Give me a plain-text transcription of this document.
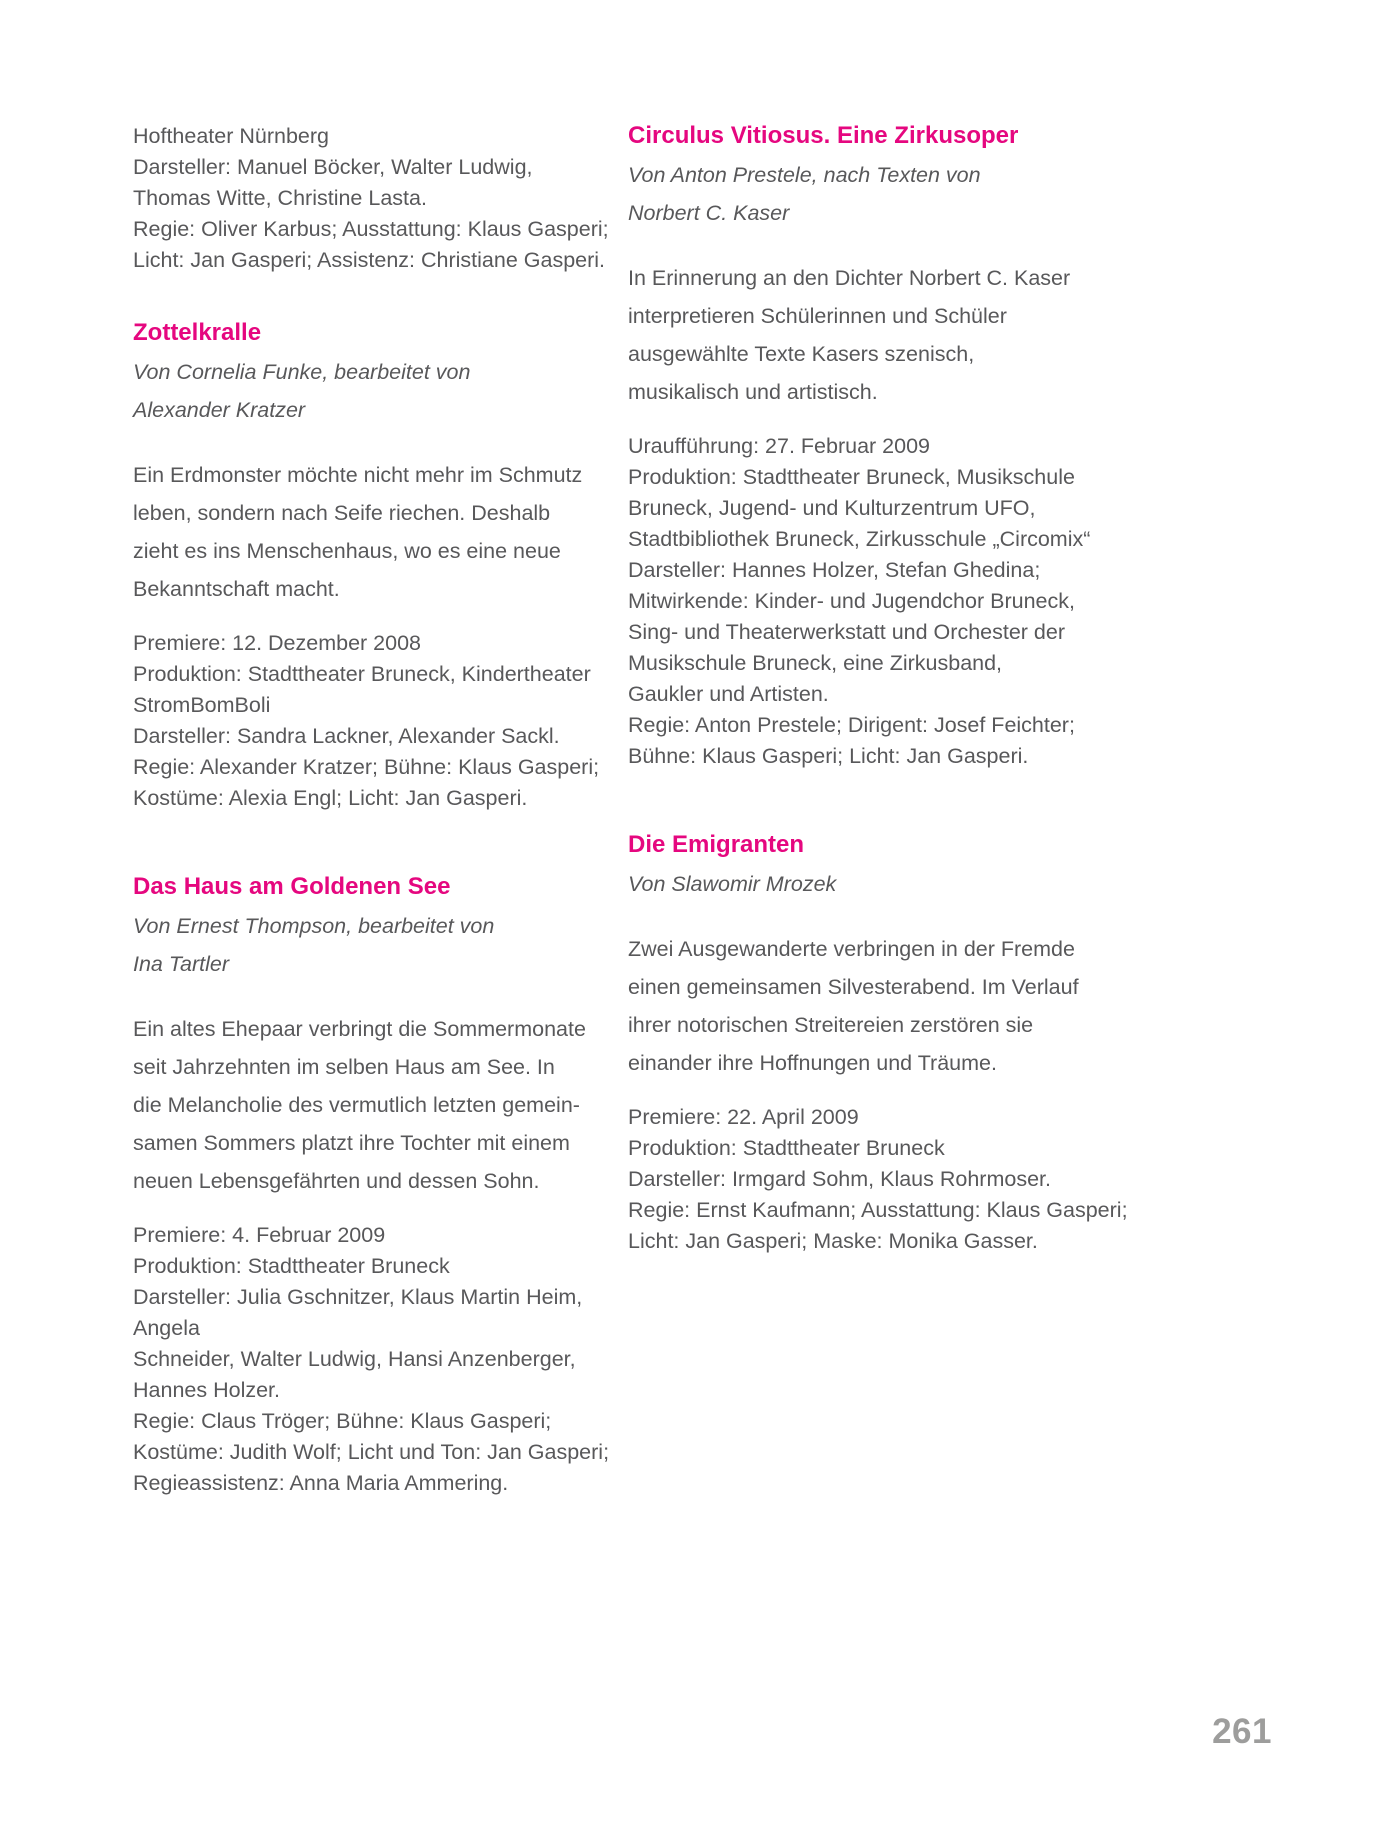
Hoftheater Nürnberg
Darsteller: Manuel Böcker, Walter Ludwig,
Thomas Witte, Christine Lasta.
Regie: Oliver Karbus; Ausstattung: Klaus Gasperi;
Licht: Jan Gasperi; Assistenz: Christiane Gasperi.
Zottelkralle
Von Cornelia Funke, bearbeitet von
Alexander Kratzer
Ein Erdmonster möchte nicht mehr im Schmutz
leben, sondern nach Seife riechen. Deshalb
zieht es ins Menschenhaus, wo es eine neue
Bekanntschaft macht.
Premiere: 12. Dezember 2008
Produktion: Stadttheater Bruneck, Kindertheater
StromBomBoli
Darsteller: Sandra Lackner, Alexander Sackl.
Regie: Alexander Kratzer; Bühne: Klaus Gasperi;
Kostüme: Alexia Engl; Licht: Jan Gasperi.
Das Haus am Goldenen See
Von Ernest Thompson, bearbeitet von
Ina Tartler
Ein altes Ehepaar verbringt die Sommermonate
seit Jahrzehnten im selben Haus am See. In
die Melancholie des vermutlich letzten gemein-
samen Sommers platzt ihre Tochter mit einem
neuen Lebensgefährten und dessen Sohn.
Premiere: 4. Februar 2009
Produktion: Stadttheater Bruneck
Darsteller: Julia Gschnitzer, Klaus Martin Heim, Angela
Schneider, Walter Ludwig, Hansi Anzenberger,
Hannes Holzer.
Regie: Claus Tröger; Bühne: Klaus Gasperi;
Kostüme: Judith Wolf; Licht und Ton: Jan Gasperi;
Regieassistenz: Anna Maria Ammering.
Circulus Vitiosus. Eine Zirkusoper
Von Anton Prestele, nach Texten von
Norbert C. Kaser
In Erinnerung an den Dichter Norbert C. Kaser
interpretieren Schülerinnen und Schüler
ausgewählte Texte Kasers szenisch,
musikalisch und artistisch.
Uraufführung: 27. Februar 2009
Produktion: Stadttheater Bruneck, Musikschule
Bruneck, Jugend- und Kulturzentrum UFO,
Stadtbibliothek Bruneck, Zirkusschule „Circomix“
Darsteller: Hannes Holzer, Stefan Ghedina;
Mitwirkende: Kinder- und Jugendchor Bruneck,
Sing- und Theaterwerkstatt und Orchester der
Musikschule Bruneck, eine Zirkusband,
Gaukler und Artisten.
Regie: Anton Prestele; Dirigent: Josef Feichter;
Bühne: Klaus Gasperi; Licht: Jan Gasperi.
Die Emigranten
Von Slawomir Mrozek
Zwei Ausgewanderte verbringen in der Fremde
einen gemeinsamen Silvesterabend. Im Verlauf
ihrer notorischen Streitereien zerstören sie
einander ihre Hoffnungen und Träume.
Premiere: 22. April 2009
Produktion: Stadttheater Bruneck
Darsteller: Irmgard Sohm, Klaus Rohrmoser.
Regie: Ernst Kaufmann; Ausstattung: Klaus Gasperi;
Licht: Jan Gasperi; Maske: Monika Gasser.
261
